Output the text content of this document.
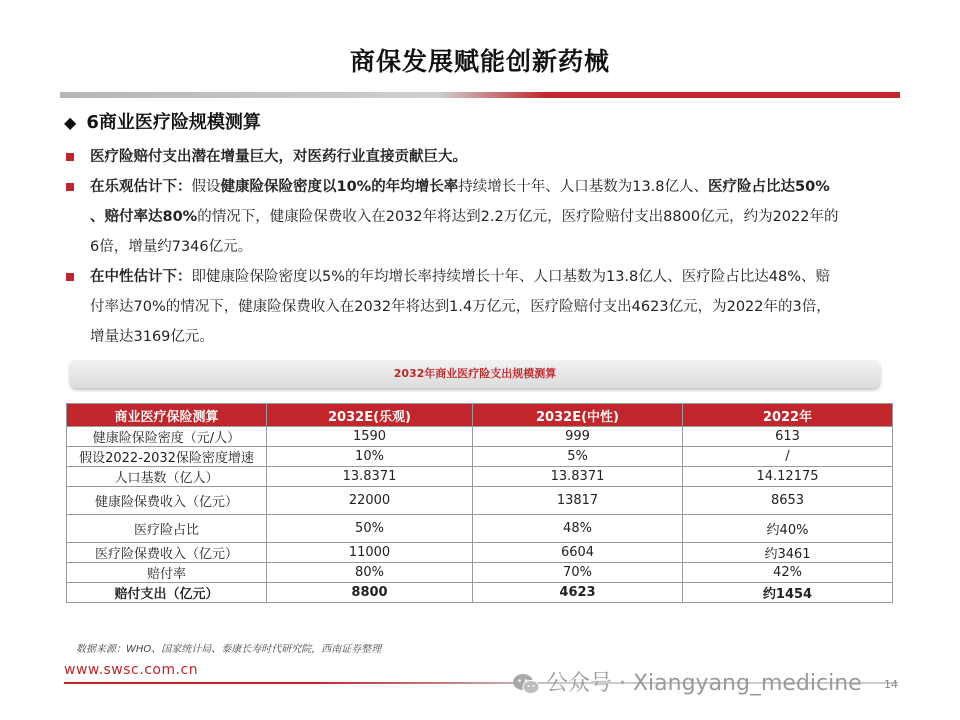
商保发展赋能创新药械
◆ 6商业医疗险规模测算
医疗险赔付支出潜在增量巨大，对医药行业直接贡献巨大。
在乐观估计下：假设健康险保险密度以10%的年均增长率持续增长十年、人口基数为13.8亿人、医疗险占比达50%
、赔付率达80%的情况下，健康险保费收入在2032年将达到2.2万亿元，医疗险赔付支出8800亿元，约为2022年的
6倍，增量约7346亿元。
在中性估计下：即健康险保险密度以5%的年均增长率持续增长十年、人口基数为13.8亿人、医疗险占比达48%、赔
付率达70%的情况下，健康险保费收入在2032年将达到1.4万亿元，医疗险赔付支出4623亿元，为2022年的3倍，
增量达3169亿元。
2032年商业医疗险支出规模测算
商业医疗保险测算	2032E(乐观)	2032E(中性)	2022年
健康险保险密度（元/人）	1590	999	613
假设2022-2032保险密度增速	10%	5%	/
人口基数（亿人）	13.8371	13.8371	14.12175
健康险保费收入（亿元）	22000	13817	8653
医疗险占比	50%	48%	约40%
医疗险保费收入（亿元）	11000	6604	约3461
赔付率	80%	70%	42%
赔付支出（亿元）	8800	4623	约1454
数据来源：WHO、国家统计局、泰康长寿时代研究院，西南证券整理
www.swsc.com.cn
公众号 · Xiangyang_medicine 14
